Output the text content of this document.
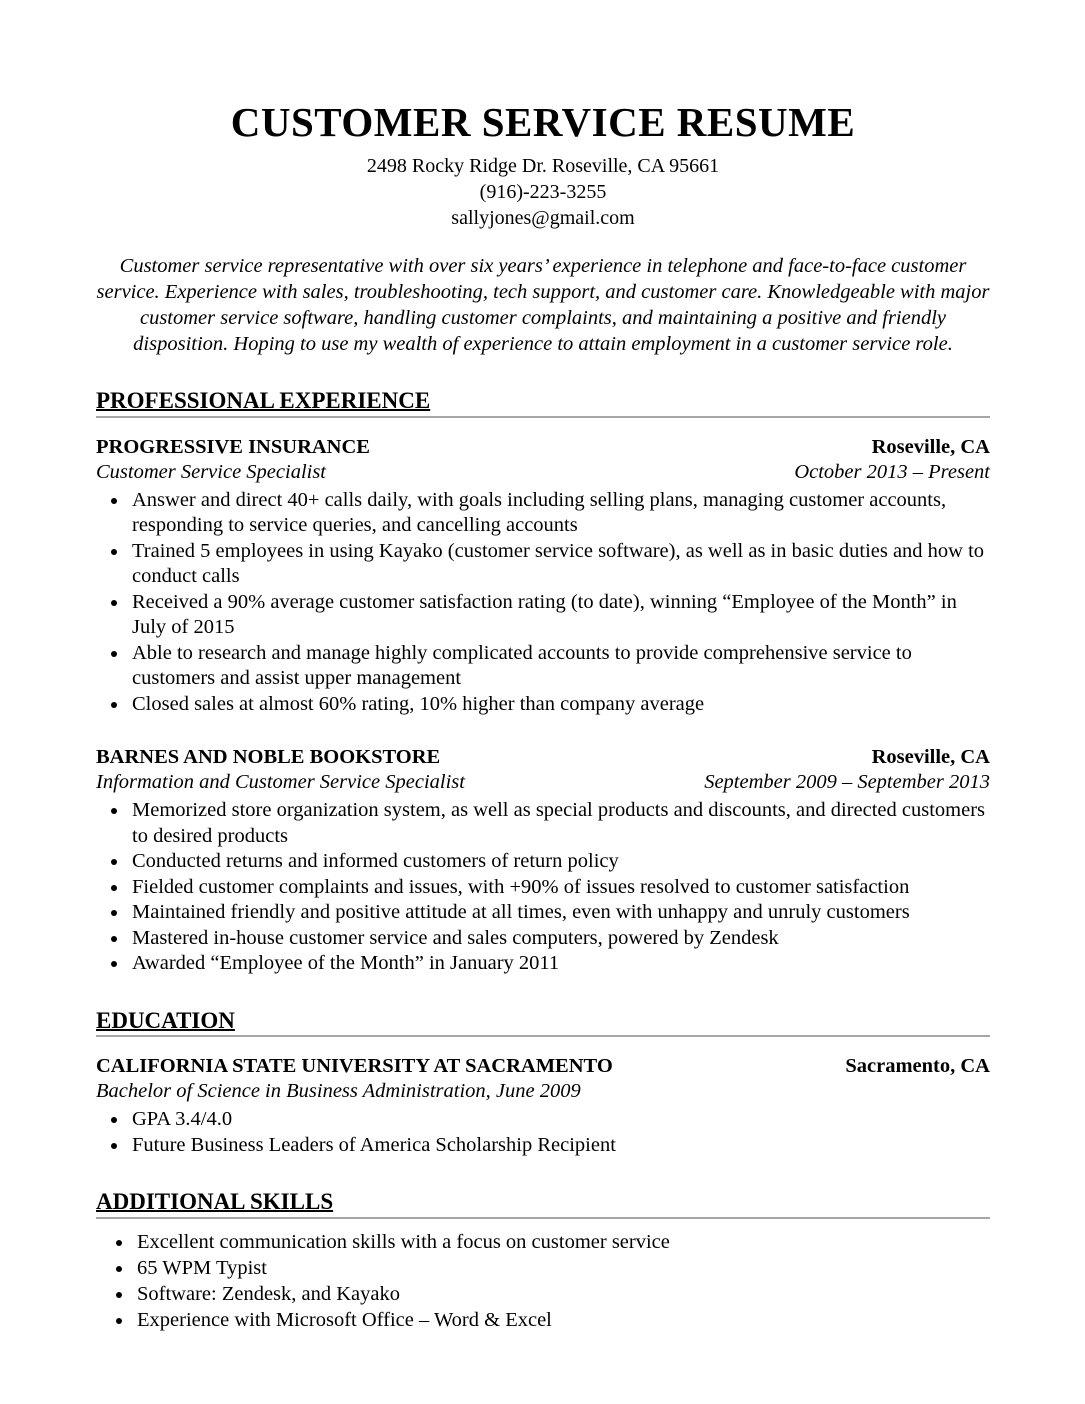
CUSTOMER SERVICE RESUME
2498 Rocky Ridge Dr. Roseville, CA 95661
(916)-223-3255
sallyjones@gmail.com
Customer service representative with over six years’ experience in telephone and face-to-face customer service. Experience with sales, troubleshooting, tech support, and customer care. Knowledgeable with major customer service software, handling customer complaints, and maintaining a positive and friendly disposition. Hoping to use my wealth of experience to attain employment in a customer service role.
PROFESSIONAL EXPERIENCE
PROGRESSIVE INSURANCE	Roseville, CA
Customer Service Specialist	October 2013 – Present
• Answer and direct 40+ calls daily, with goals including selling plans, managing customer accounts, responding to service queries, and cancelling accounts
• Trained 5 employees in using Kayako (customer service software), as well as in basic duties and how to conduct calls
• Received a 90% average customer satisfaction rating (to date), winning “Employee of the Month” in July of 2015
• Able to research and manage highly complicated accounts to provide comprehensive service to customers and assist upper management
• Closed sales at almost 60% rating, 10% higher than company average
BARNES AND NOBLE BOOKSTORE	Roseville, CA
Information and Customer Service Specialist	September 2009 – September 2013
• Memorized store organization system, as well as special products and discounts, and directed customers to desired products
• Conducted returns and informed customers of return policy
• Fielded customer complaints and issues, with +90% of issues resolved to customer satisfaction
• Maintained friendly and positive attitude at all times, even with unhappy and unruly customers
• Mastered in-house customer service and sales computers, powered by Zendesk
• Awarded “Employee of the Month” in January 2011
EDUCATION
CALIFORNIA STATE UNIVERSITY AT SACRAMENTO	Sacramento, CA
Bachelor of Science in Business Administration, June 2009
• GPA 3.4/4.0
• Future Business Leaders of America Scholarship Recipient
ADDITIONAL SKILLS
• Excellent communication skills with a focus on customer service
• 65 WPM Typist
• Software: Zendesk, and Kayako
• Experience with Microsoft Office – Word & Excel
